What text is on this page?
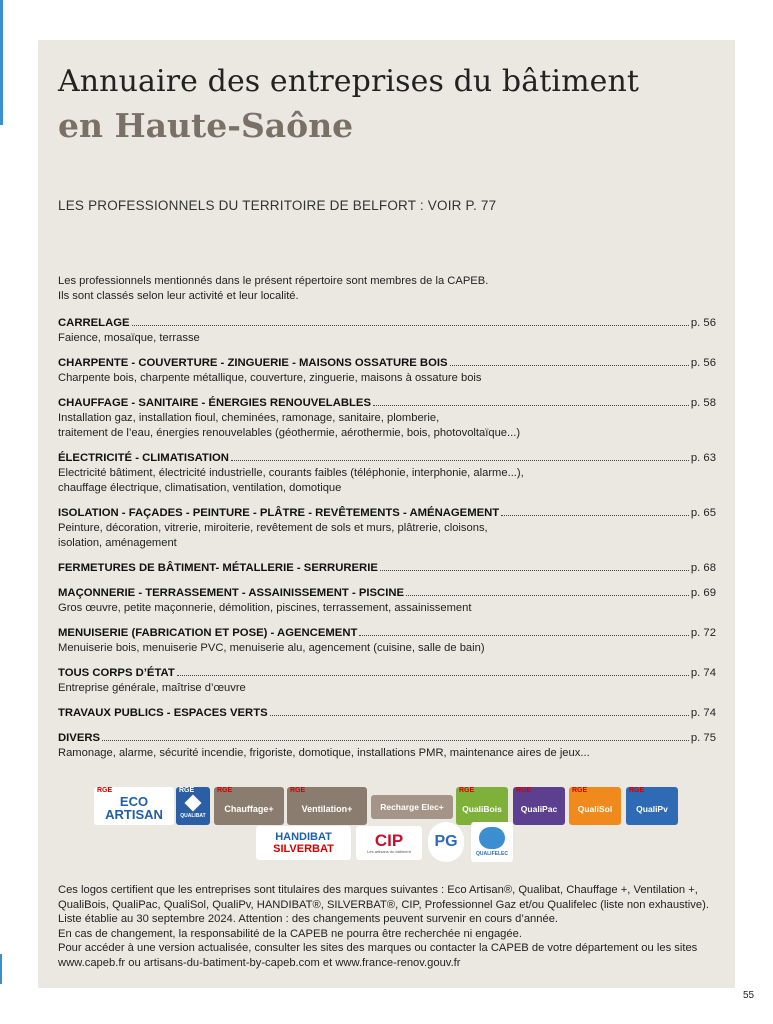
Annuaire des entreprises du bâtiment
en Haute-Saône
LES PROFESSIONNELS DU TERRITOIRE DE BELFORT : VOIR P. 77
Les professionnels mentionnés dans le présent répertoire sont membres de la CAPEB.
Ils sont classés selon leur activité et leur localité.
CARRELAGE	p. 56
Faience, mosaïque, terrasse
CHARPENTE - COUVERTURE - ZINGUERIE - MAISONS OSSATURE BOIS	p. 56
Charpente bois, charpente métallique, couverture, zinguerie, maisons à ossature bois
CHAUFFAGE - SANITAIRE - ÉNERGIES RENOUVELABLES	p. 58
Installation gaz, installation fioul, cheminées, ramonage, sanitaire, plomberie,
traitement de l’eau, énergies renouvelables (géothermie, aérothermie, bois, photovoltaïque...)
ÉLECTRICITÉ - CLIMATISATION	p. 63
Electricité bâtiment, électricité industrielle, courants faibles (téléphonie, interphonie, alarme...),
chauffage électrique, climatisation, ventilation, domotique
ISOLATION - FAÇADES - PEINTURE - PLÂTRE - REVÊTEMENTS - AMÉNAGEMENT	p. 65
Peinture, décoration, vitrerie, miroiterie, revêtement de sols et murs, plâtrerie, cloisons,
isolation, aménagement
FERMETURES DE BÂTIMENT- MÉTALLERIE - SERRURERIE	p. 68
MAÇONNERIE - TERRASSEMENT - ASSAINISSEMENT - PISCINE	p. 69
Gros œuvre, petite maçonnerie, démolition, piscines, terrassement, assainissement
MENUISERIE (FABRICATION ET POSE) - AGENCEMENT	p. 72
Menuiserie bois, menuiserie PVC, menuiserie alu, agencement (cuisine, salle de bain)
TOUS CORPS D’ÉTAT	p. 74
Entreprise générale, maîtrise d’œuvre
TRAVAUX PUBLICS - ESPACES VERTS	p. 74
DIVERS	p. 75
Ramonage, alarme, sécurité incendie, frigoriste, domotique, installations PMR, maintenance aires de jeux...
RGE
ECO
ARTISAN
RGE
QUALIBAT
RGE
Chauffage+
RGE
Ventilation+	Recharge Elec+
RGE
QualiBois
RGE
QualiPac
RGE
QualiSol
RGE
QualiPv
HANDIBAT
SILVERBAT CIP
Les artisans du bâtiment
PG
QUALIFELEC
Ces logos certifient que les entreprises sont titulaires des marques suivantes : Eco Artisan®, Qualibat, Chauffage +, Ventilation +,
QualiBois, QualiPac, QualiSol, QualiPv, HANDIBAT®, SILVERBAT®, CIP, Professionnel Gaz et/ou Qualifelec (liste non exhaustive).
Liste établie au 30 septembre 2024. Attention : des changements peuvent survenir en cours d’année.
En cas de changement, la responsabilité de la CAPEB ne pourra être recherchée ni engagée.
Pour accéder à une version actualisée, consulter les sites des marques ou contacter la CAPEB de votre département ou les sites
www.capeb.fr ou artisans-du-batiment-by-capeb.com et www.france-renov.gouv.fr
55
